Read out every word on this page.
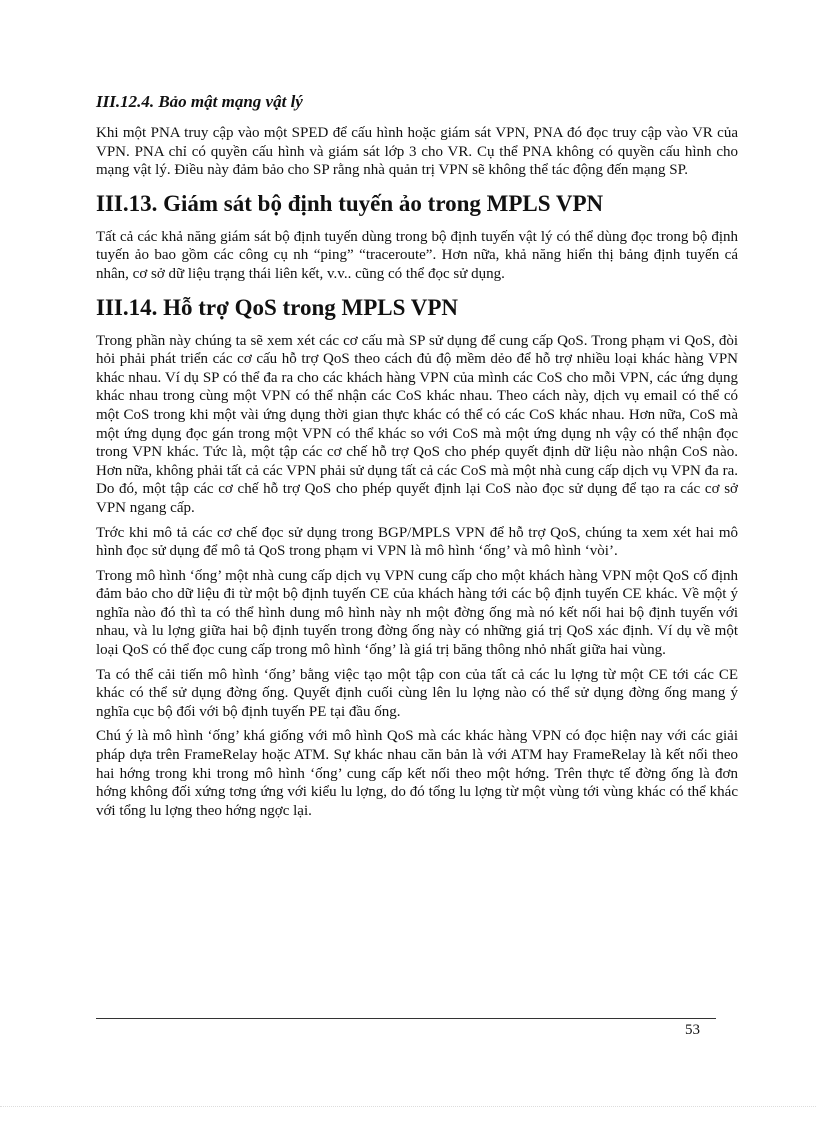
III.12.4. Bảo mật mạng vật lý

Khi một PNA truy cập vào một SPED để cấu hình hoặc giám sát VPN, PNA đó đọc truy cập vào VR của VPN. PNA chỉ có quyền cấu hình và giám sát lớp 3 cho VR. Cụ thể PNA không có quyền cấu hình cho mạng vật lý. Điều này đảm bảo cho SP rằng nhà quản trị VPN sẽ không thể tác động đến mạng SP.

III.13. Giám sát bộ định tuyến ảo trong MPLS VPN

Tất cả các khả năng giám sát bộ định tuyến dùng trong bộ định tuyến vật lý có thể dùng đọc trong bộ định tuyến ảo bao gồm các công cụ nh “ping” “traceroute”. Hơn nữa, khả năng hiển thị bảng định tuyến cá nhân, cơ sở dữ liệu trạng thái liên kết, v.v.. cũng có thể đọc sử dụng.

III.14. Hỗ trợ QoS trong MPLS VPN

Trong phần này chúng ta sẽ xem xét các cơ cấu mà SP sử dụng để cung cấp QoS. Trong phạm vi QoS, đòi hỏi phải phát triển các cơ cấu hỗ trợ QoS theo cách đủ độ mềm dẻo để hỗ trợ nhiều loại khác hàng VPN khác nhau. Ví dụ SP có thể đa ra cho các khách hàng VPN của mình các CoS cho mỗi VPN, các ứng dụng khác nhau trong cùng một VPN có thể nhận các CoS khác nhau. Theo cách này, dịch vụ email có thể có một CoS trong khi một vài ứng dụng thời gian thực khác có thể có các CoS khác nhau. Hơn nữa, CoS mà một ứng dụng đọc gán trong một VPN có thể khác so với CoS mà một ứng dụng nh vậy có thể nhận đọc trong VPN khác. Tức là, một tập các cơ chế hỗ trợ QoS cho phép quyết định dữ liệu nào nhận CoS nào. Hơn nữa, không phải tất cả các VPN phải sử dụng tất cả các CoS mà một nhà cung cấp dịch vụ VPN đa ra. Do đó, một tập các cơ chế hỗ trợ QoS cho phép quyết định lại CoS nào đọc sử dụng để tạo ra các cơ sở VPN ngang cấp.

Trớc khi mô tả các cơ chế đọc sử dụng trong BGP/MPLS VPN để hỗ trợ QoS, chúng ta xem xét hai mô hình đọc sử dụng để mô tả QoS trong phạm vi VPN là mô hình ‘ống’ và mô hình ‘vòi’.

Trong mô hình ‘ống’ một nhà cung cấp dịch vụ VPN cung cấp cho một khách hàng VPN một QoS cố định đảm bảo cho dữ liệu đi từ một bộ định tuyến CE của khách hàng tới các bộ định tuyến CE khác. Về một ý nghĩa nào đó thì ta có thể hình dung mô hình này nh một đờng ống mà nó kết nối hai bộ định tuyến với nhau, và lu lợng giữa hai bộ định tuyến trong đờng ống này có những giá trị QoS xác định. Ví dụ về một loại QoS có thể đọc cung cấp trong mô hình ‘ống’ là giá trị băng thông nhỏ nhất giữa hai vùng.

Ta có thể cải tiến mô hình ‘ống’ bằng việc tạo một tập con của tất cả các lu lợng từ một CE tới các CE khác có thể sử dụng đờng ống. Quyết định cuối cùng lên lu lợng nào có thể sử dụng đờng ống mang ý nghĩa cục bộ đối với bộ định tuyến PE tại đầu ống.

Chú ý là mô hình ‘ống’ khá giống với mô hình QoS mà các khác hàng VPN có đọc hiện nay với các giải pháp dựa trên FrameRelay hoặc ATM. Sự khác nhau căn bản là với ATM hay FrameRelay là kết nối theo hai hớng trong khi trong mô hình ‘ống’ cung cấp kết nối theo một hớng. Trên thực tế đờng ống là đơn hớng không đối xứng tơng ứng với kiểu lu lợng, do đó tổng lu lợng từ một vùng tới vùng khác có thể khác với tổng lu lợng theo hớng ngợc lại.

53
